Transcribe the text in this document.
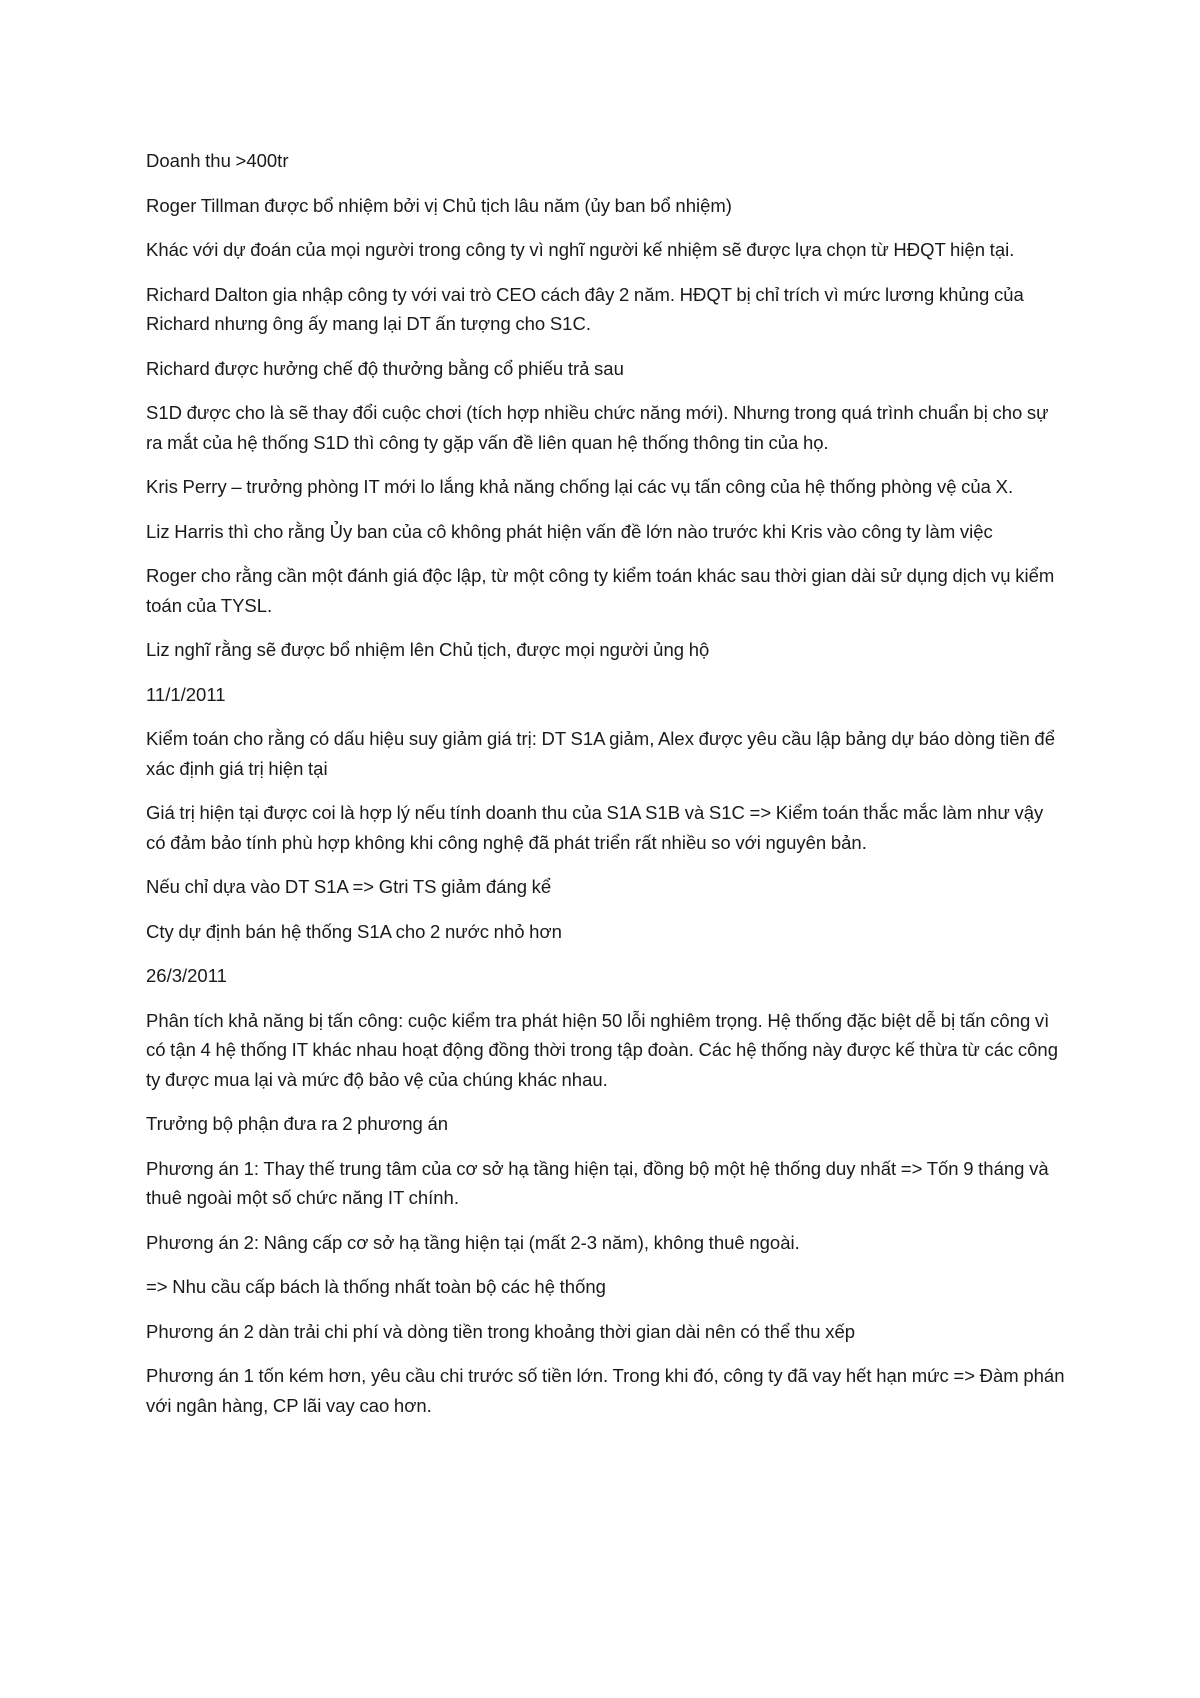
Doanh thu >400tr

Roger Tillman được bổ nhiệm bởi vị Chủ tịch lâu năm (ủy ban bổ nhiệm)

Khác với dự đoán của mọi người trong công ty vì nghĩ người kế nhiệm sẽ được lựa chọn từ HĐQT hiện tại.

Richard Dalton gia nhập công ty với vai trò CEO cách đây 2 năm. HĐQT bị chỉ trích vì mức lương khủng của Richard nhưng ông ấy mang lại DT ấn tượng cho S1C.

Richard được hưởng chế độ thưởng bằng cổ phiếu trả sau

S1D được cho là sẽ thay đổi cuộc chơi (tích hợp nhiều chức năng mới). Nhưng trong quá trình chuẩn bị cho sự ra mắt của hệ thống S1D thì công ty gặp vấn đề liên quan hệ thống thông tin của họ.

Kris Perry – trưởng phòng IT mới lo lắng khả năng chống lại các vụ tấn công của hệ thống phòng vệ của X.

Liz Harris thì cho rằng Ủy ban của cô không phát hiện vấn đề lớn nào trước khi Kris vào công ty làm việc

Roger cho rằng cần một đánh giá độc lập, từ một công ty kiểm toán khác sau thời gian dài sử dụng dịch vụ kiểm toán của TYSL.

Liz nghĩ rằng sẽ được bổ nhiệm lên Chủ tịch, được mọi người ủng hộ

11/1/2011

Kiểm toán cho rằng có dấu hiệu suy giảm giá trị: DT S1A giảm, Alex được yêu cầu lập bảng dự báo dòng tiền để xác định giá trị hiện tại

Giá trị hiện tại được coi là hợp lý nếu tính doanh thu của S1A S1B và S1C => Kiểm toán thắc mắc làm như vậy có đảm bảo tính phù hợp không khi công nghệ đã phát triển rất nhiều so với nguyên bản.

Nếu chỉ dựa vào DT S1A => Gtri TS giảm đáng kể

Cty dự định bán hệ thống S1A cho 2 nước nhỏ hơn

26/3/2011

Phân tích khả năng bị tấn công: cuộc kiểm tra phát hiện 50 lỗi nghiêm trọng. Hệ thống đặc biệt dễ bị tấn công vì có tận 4 hệ thống IT khác nhau hoạt động đồng thời trong tập đoàn. Các hệ thống này được kế thừa từ các công ty được mua lại và mức độ bảo vệ của chúng khác nhau.

Trưởng bộ phận đưa ra 2 phương án

Phương án 1: Thay thế trung tâm của cơ sở hạ tầng hiện tại, đồng bộ một hệ thống duy nhất => Tốn 9 tháng và thuê ngoài một số chức năng IT chính.

Phương án 2: Nâng cấp cơ sở hạ tầng hiện tại (mất 2-3 năm), không thuê ngoài.

=> Nhu cầu cấp bách là thống nhất toàn bộ các hệ thống

Phương án 2 dàn trải chi phí và dòng tiền trong khoảng thời gian dài nên có thể thu xếp

Phương án 1 tốn kém hơn, yêu cầu chi trước số tiền lớn. Trong khi đó, công ty đã vay hết hạn mức => Đàm phán với ngân hàng, CP lãi vay cao hơn.
